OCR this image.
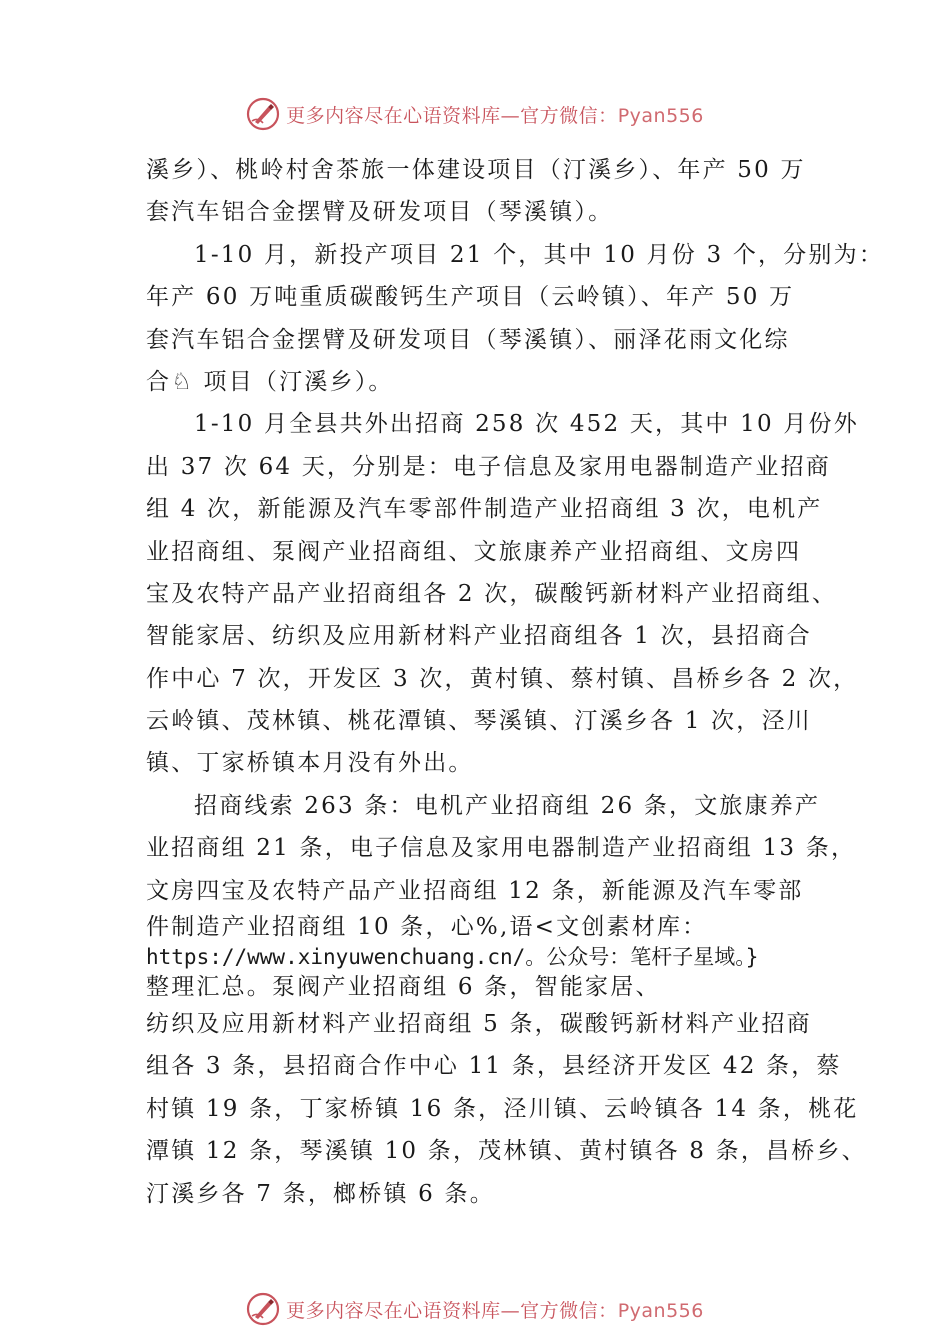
更多内容尽在心语资料库—官方微信：Pyan556
溪乡）、桃岭村舍茶旅一体建设项目（汀溪乡）、年产 50 万
套汽车铝合金摆臂及研发项目（琴溪镇）。
1-10 月，新投产项目 21 个，其中 10 月份 3 个，分别为：
年产 60 万吨重质碳酸钙生产项目（云岭镇）、年产 50 万
套汽车铝合金摆臂及研发项目（琴溪镇）、丽泽花雨文化综
合♘ 项目（汀溪乡）。
1-10 月全县共外出招商 258 次 452 天，其中 10 月份外
出 37 次 64 天，分别是：电子信息及家用电器制造产业招商
组 4 次，新能源及汽车零部件制造产业招商组 3 次，电机产
业招商组、泵阀产业招商组、文旅康养产业招商组、文房四
宝及农特产品产业招商组各 2 次，碳酸钙新材料产业招商组、
智能家居、纺织及应用新材料产业招商组各 1 次，县招商合
作中心 7 次，开发区 3 次，黄村镇、蔡村镇、昌桥乡各 2 次，
云岭镇、茂林镇、桃花潭镇、琴溪镇、汀溪乡各 1 次，泾川
镇、丁家桥镇本月没有外出。
招商线索 263 条：电机产业招商组 26 条，文旅康养产
业招商组 21 条，电子信息及家用电器制造产业招商组 13 条，
文房四宝及农特产品产业招商组 12 条，新能源及汽车零部
件制造产业招商组 10 条，心%,语<文创素材库：
https://www.xinyuwenchuang.cn/。公众号：笔杆子星域。}
整理汇总。泵阀产业招商组 6 条，智能家居、
纺织及应用新材料产业招商组 5 条，碳酸钙新材料产业招商
组各 3 条，县招商合作中心 11 条，县经济开发区 42 条，蔡
村镇 19 条，丁家桥镇 16 条，泾川镇、云岭镇各 14 条，桃花
潭镇 12 条，琴溪镇 10 条，茂林镇、黄村镇各 8 条，昌桥乡、
汀溪乡各 7 条，榔桥镇 6 条。
更多内容尽在心语资料库—官方微信：Pyan556
